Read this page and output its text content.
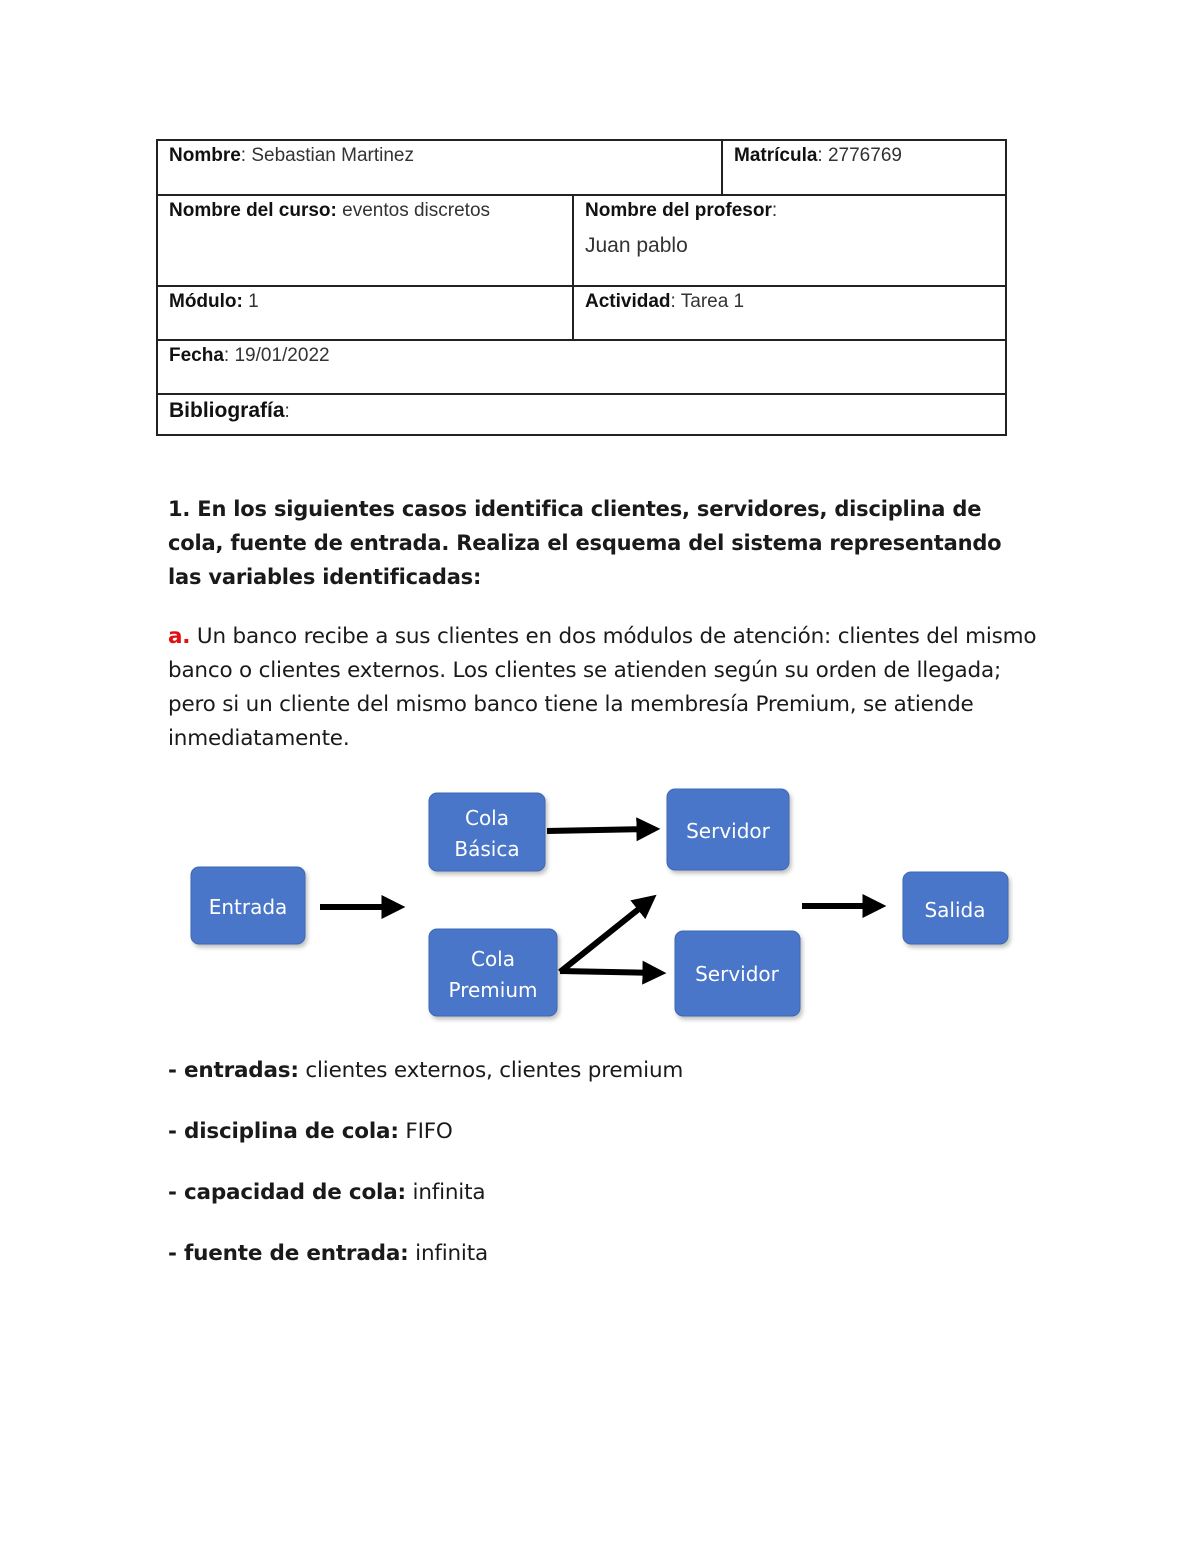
Nombre: Sebastian Martinez		Matrícula: 2776769
Nombre del curso: eventos discretos	Nombre del profesor:
Juan pablo	

Módulo: 1	Actividad: Tarea 1	
Fecha: 19/01/2022		
Bibliografía:		
1. En los siguientes casos identifica clientes, servidores, disciplina de cola, fuente de entrada. Realiza el esquema del sistema representando las variables identificadas:
a. Un banco recibe a sus clientes en dos módulos de atención: clientes del mismo banco o clientes externos. Los clientes se atienden según su orden de llegada; pero si un cliente del mismo banco tiene la membresía Premium, se atiende inmediatamente.
Entrada
Cola
Básica
Cola
Premium
Servidor
Servidor
Salida
- entradas: clientes externos, clientes premium
- disciplina de cola: FIFO
- capacidad de cola: infinita
- fuente de entrada: infinita
